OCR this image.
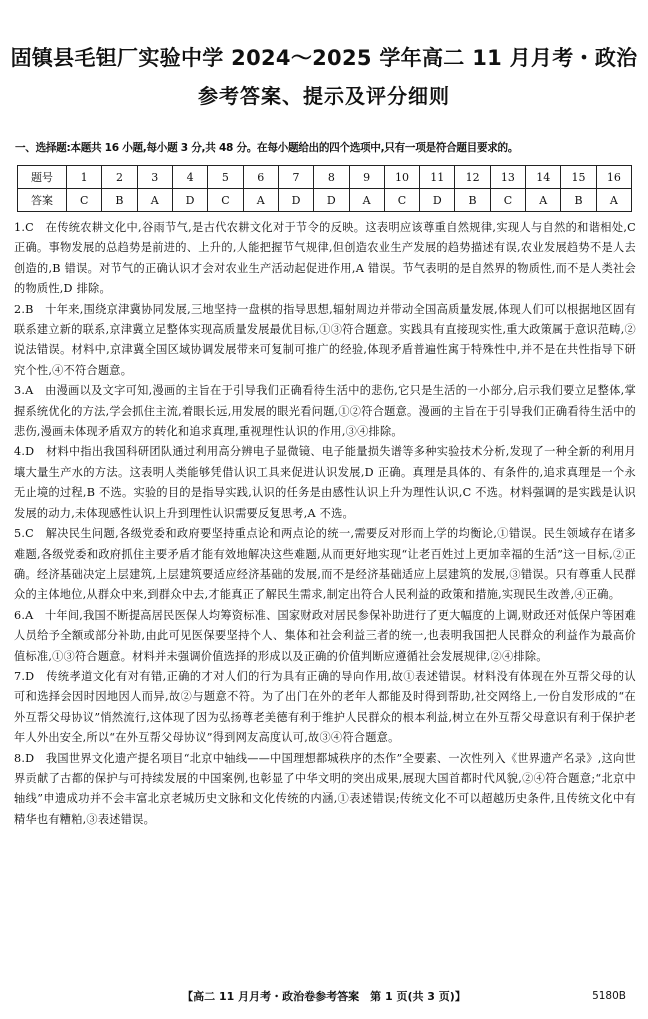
固镇县毛钽厂实验中学 2024～2025 学年高二 11 月月考・政治
参考答案、提示及评分细则
一、选择题:本题共 16 小题,每小题 3 分,共 48 分。在每小题给出的四个选项中,只有一项是符合题目要求的。
题号	1	2	3	4	5	6	7	8	9	10	11	12	13	14	15	16
答案	C	B	A	D	C	A	D	D	A	C	D	B	C	A	B	A

1.C　在传统农耕文化中,谷雨节气,是古代农耕文化对于节令的反映。这表明应该尊重自然规律,实现人与自然的和谐相处,C 正确。事物发展的总趋势是前进的、上升的,人能把握节气规律,但创造农业生产发展的趋势描述有误,农业发展趋势不是人去创造的,B 错误。对节气的正确认识才会对农业生产活动起促进作用,A 错误。节气表明的是自然界的物质性,而不是人类社会的物质性,D 排除。

2.B　十年来,围绕京津冀协同发展,三地坚持一盘棋的指导思想,辐射周边并带动全国高质量发展,体现人们可以根据地区固有联系建立新的联系,京津冀立足整体实现高质量发展最优目标,①③符合题意。实践具有直接现实性,重大政策属于意识范畴,②说法错误。材料中,京津冀全国区域协调发展带来可复制可推广的经验,体现矛盾普遍性寓于特殊性中,并不是在共性指导下研究个性,④不符合题意。

3.A　由漫画以及文字可知,漫画的主旨在于引导我们正确看待生活中的悲伤,它只是生活的一小部分,启示我们要立足整体,掌握系统优化的方法,学会抓住主流,着眼长远,用发展的眼光看问题,①②符合题意。漫画的主旨在于引导我们正确看待生活中的悲伤,漫画未体现矛盾双方的转化和追求真理,重视理性认识的作用,③④排除。

4.D　材料中指出我国科研团队通过利用高分辨电子显微镜、电子能量损失谱等多种实验技术分析,发现了一种全新的利用月壤大量生产水的方法。这表明人类能够凭借认识工具来促进认识发展,D 正确。真理是具体的、有条件的,追求真理是一个永无止境的过程,B 不选。实验的目的是指导实践,认识的任务是由感性认识上升为理性认识,C 不选。材料强调的是实践是认识发展的动力,未体现感性认识上升到理性认识需要反复思考,A 不选。

5.C　解决民生问题,各级党委和政府要坚持重点论和两点论的统一,需要反对形而上学的均衡论,①错误。民生领域存在诸多难题,各级党委和政府抓住主要矛盾才能有效地解决这些难题,从而更好地实现“让老百姓过上更加幸福的生活”这一目标,②正确。经济基础决定上层建筑,上层建筑要适应经济基础的发展,而不是经济基础适应上层建筑的发展,③错误。只有尊重人民群众的主体地位,从群众中来,到群众中去,才能真正了解民生需求,制定出符合人民利益的政策和措施,实现民生改善,④正确。

6.A　十年间,我国不断提高居民医保人均筹资标准、国家财政对居民参保补助进行了更大幅度的上调,财政还对低保户等困难人员给予全额或部分补助,由此可见医保要坚持个人、集体和社会利益三者的统一,也表明我国把人民群众的利益作为最高价值标准,①③符合题意。材料并未强调价值选择的形成以及正确的价值判断应遵循社会发展规律,②④排除。

7.D　传统孝道文化有对有错,正确的才对人们的行为具有正确的导向作用,故①表述错误。材料没有体现在外互帮父母的认可和选择会因时因地因人而异,故②与题意不符。为了出门在外的老年人都能及时得到帮助,社交网络上,一份自发形成的“在外互帮父母协议”悄然流行,这体现了因为弘扬尊老美德有利于维护人民群众的根本利益,树立在外互帮父母意识有利于保护老年人外出安全,所以“在外互帮父母协议”得到网友高度认可,故③④符合题意。

8.D　我国世界文化遗产提名项目“北京中轴线——中国理想都城秩序的杰作”全要素、一次性列入《世界遗产名录》,这向世界贡献了古都的保护与可持续发展的中国案例,也彰显了中华文明的突出成果,展现大国首都时代风貌,②④符合题意;“北京中轴线”申遗成功并不会丰富北京老城历史文脉和文化传统的内涵,①表述错误;传统文化不可以超越历史条件,且传统文化中有精华也有糟粕,③表述错误。

【高二 11 月月考・政治卷参考答案　第 1 页(共 3 页)】	5180B
